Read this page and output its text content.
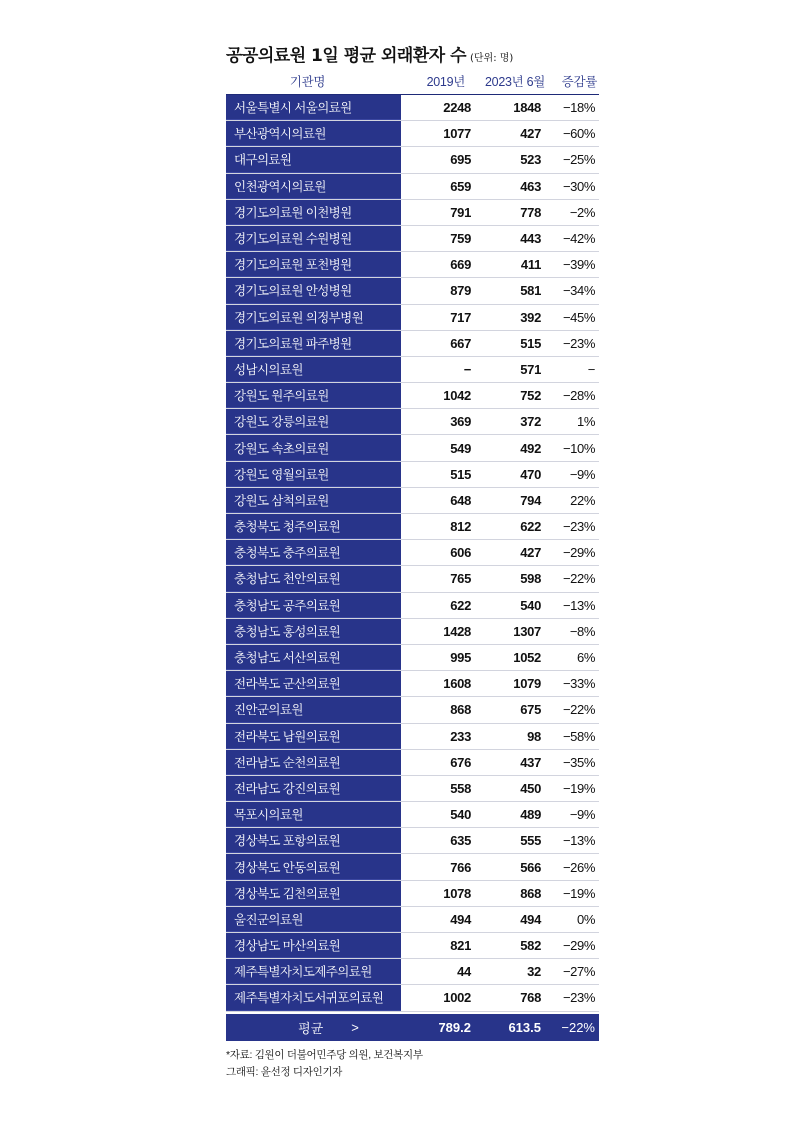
공공의료원 1일 평균 외래환자 수 (단위: 명)
기관명	2019년	2023년 6월	증감률
서울특별시 서울의료원	2248	1848	−18%
부산광역시의료원	1077	427	−60%
대구의료원	695	523	−25%
인천광역시의료원	659	463	−30%
경기도의료원 이천병원	791	778	−2%
경기도의료원 수원병원	759	443	−42%
경기도의료원 포천병원	669	411	−39%
경기도의료원 안성병원	879	581	−34%
경기도의료원 의정부병원	717	392	−45%
경기도의료원 파주병원	667	515	−23%
성남시의료원	−	571	−
강원도 원주의료원	1042	752	−28%
강원도 강릉의료원	369	372	1%
강원도 속초의료원	549	492	−10%
강원도 영월의료원	515	470	−9%
강원도 삼척의료원	648	794	22%
충청북도 청주의료원	812	622	−23%
충청북도 충주의료원	606	427	−29%
충청남도 천안의료원	765	598	−22%
충청남도 공주의료원	622	540	−13%
충청남도 홍성의료원	1428	1307	−8%
충청남도 서산의료원	995	1052	6%
전라북도 군산의료원	1608	1079	−33%
진안군의료원	868	675	−22%
전라북도 남원의료원	233	98	−58%
전라남도 순천의료원	676	437	−35%
전라남도 강진의료원	558	450	−19%
목포시의료원	540	489	−9%
경상북도 포항의료원	635	555	−13%
경상북도 안동의료원	766	566	−26%
경상북도 김천의료원	1078	868	−19%
울진군의료원	494	494	0%
경상남도 마산의료원	821	582	−29%
제주특별자치도제주의료원	44	32	−27%
제주특별자치도서귀포의료원	1002	768	−23%
평균 >	789.2	613.5	−22%
*자료: 김원이 더불어민주당 의원, 보건복지부
그래픽: 윤선정 디자인기자
